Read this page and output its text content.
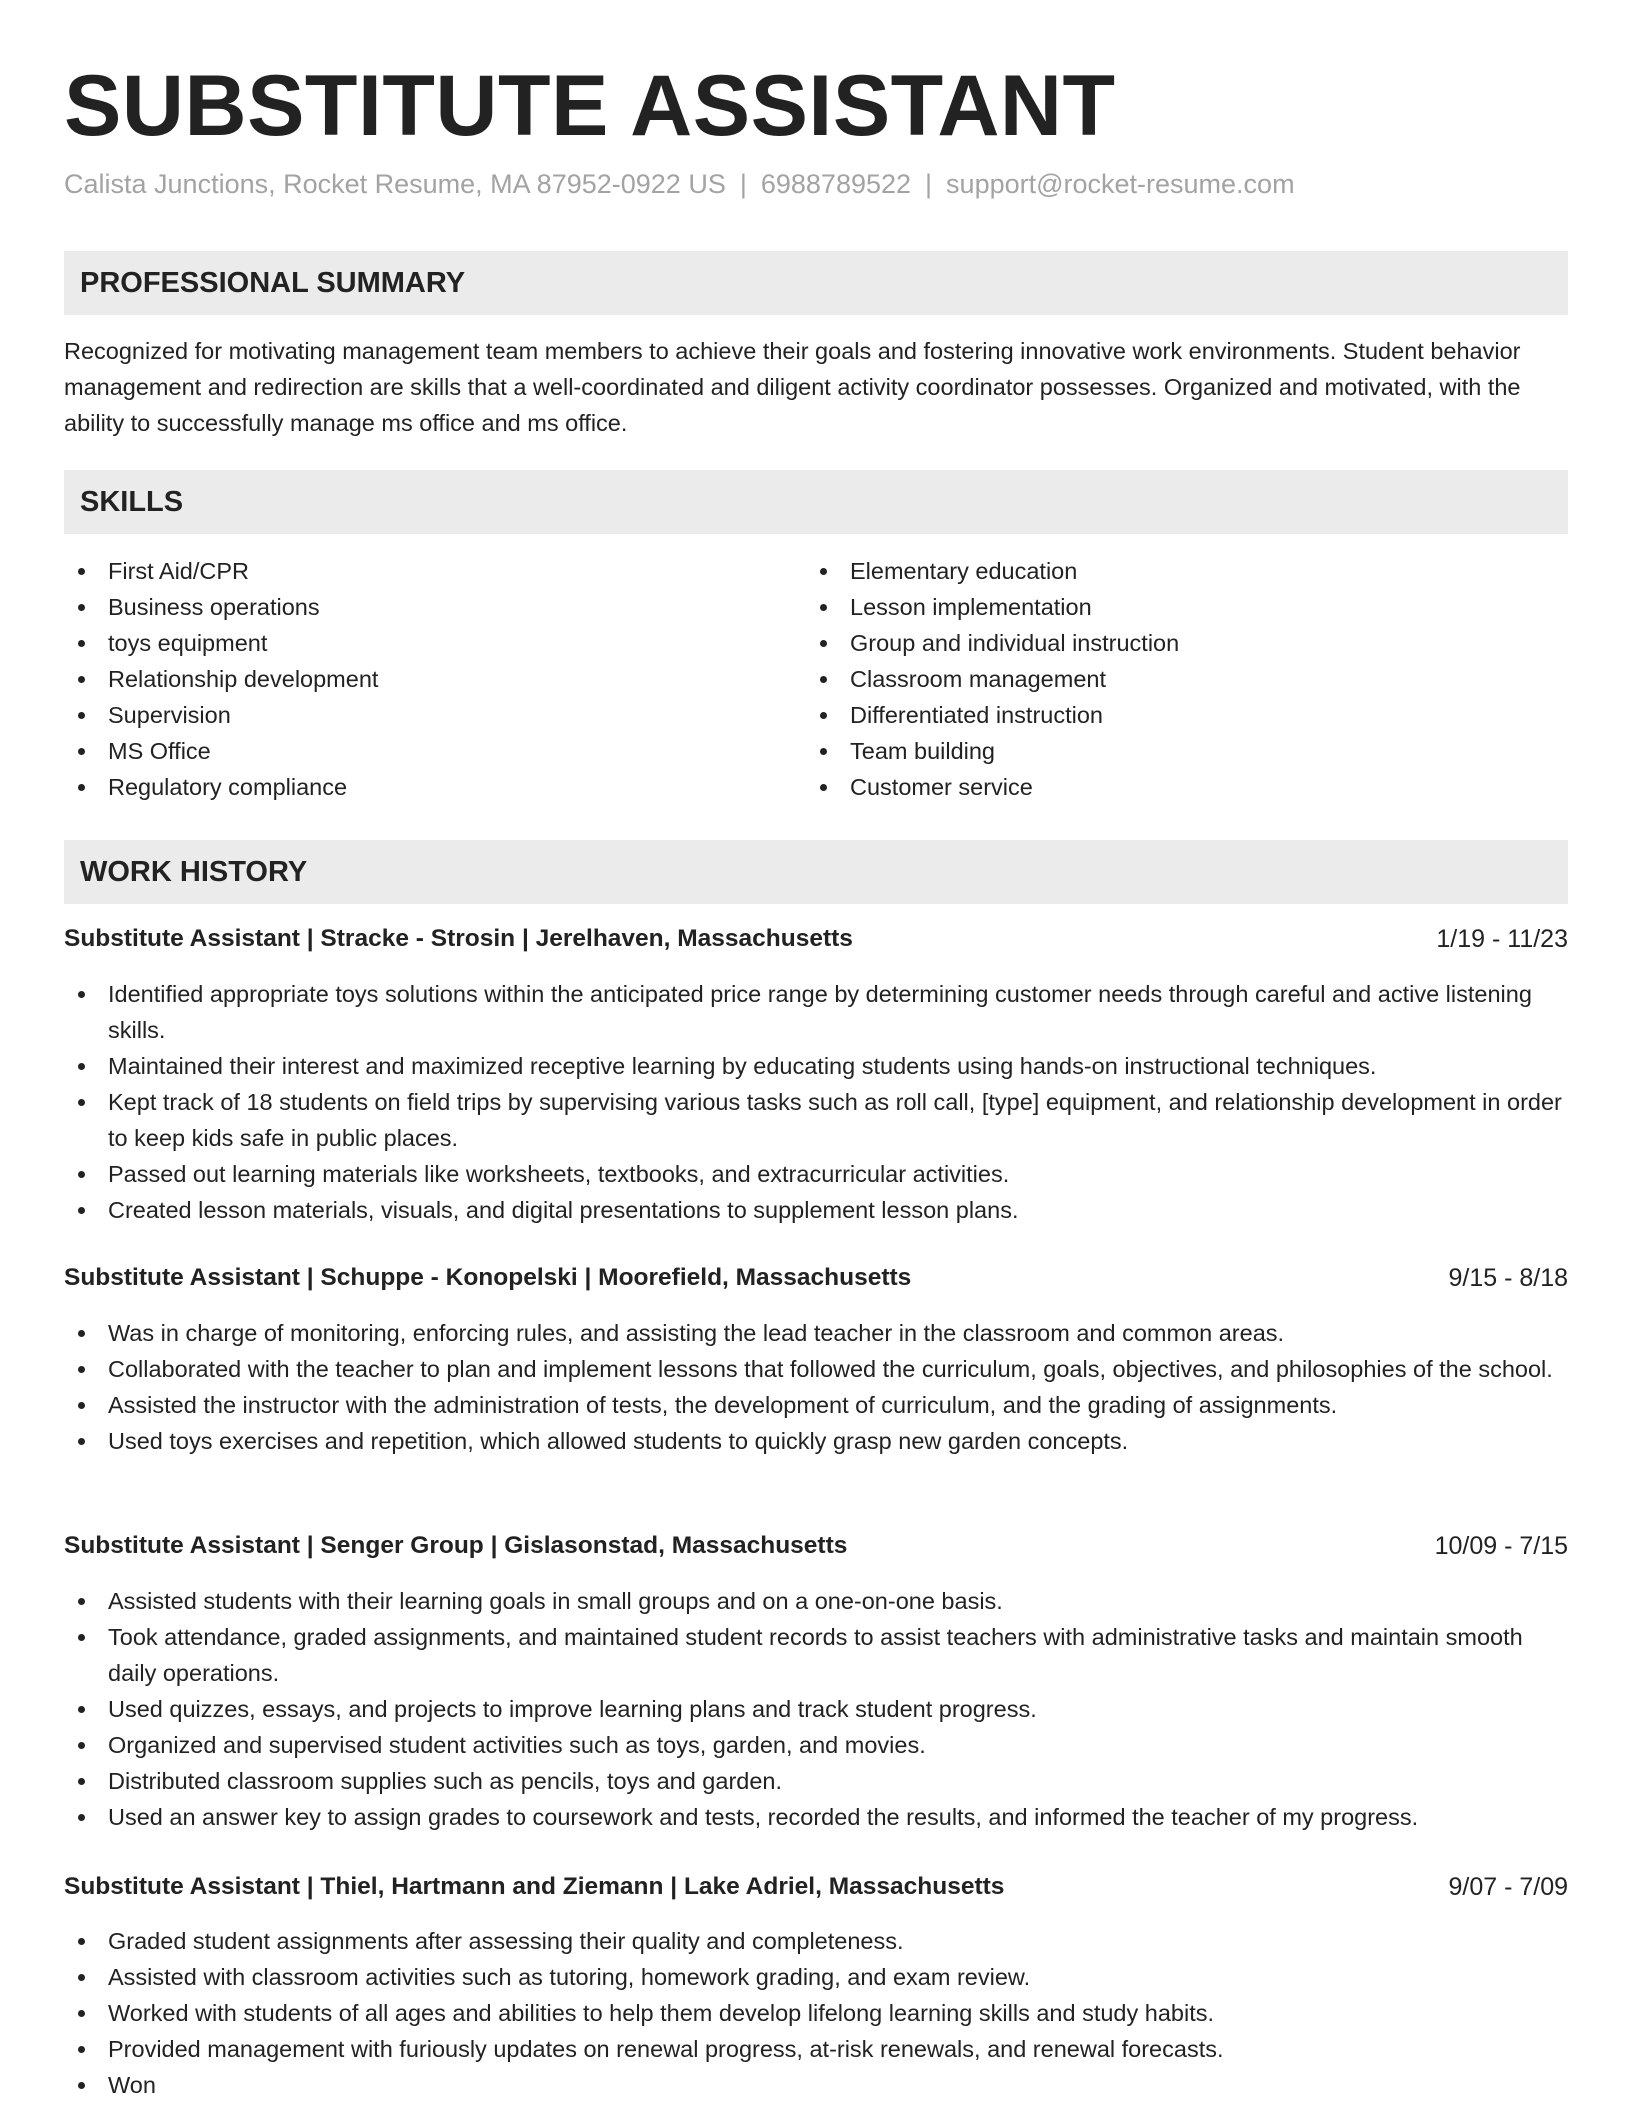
SUBSTITUTE ASSISTANT
Calista Junctions, Rocket Resume, MA 87952-0922 US | 6988789522 | support@rocket-resume.com
PROFESSIONAL SUMMARY

Recognized for motivating management team members to achieve their goals and fostering innovative work environments. Student behavior management and redirection are skills that a well-coordinated and diligent activity coordinator possesses. Organized and motivated, with the ability to successfully manage ms office and ms office.

SKILLS
First Aid/CPR
Business operations
toys equipment
Relationship development
Supervision
MS Office
Regulatory compliance
Elementary education
Lesson implementation
Group and individual instruction
Classroom management
Differentiated instruction
Team building
Customer service
WORK HISTORY
Substitute Assistant | Stracke - Strosin | Jerelhaven, Massachusetts	1/19 - 11/23
Identified appropriate toys solutions within the anticipated price range by determining customer needs through careful and active listening skills.
Maintained their interest and maximized receptive learning by educating students using hands-on instructional techniques.
Kept track of 18 students on field trips by supervising various tasks such as roll call, [type] equipment, and relationship development in order to keep kids safe in public places.
Passed out learning materials like worksheets, textbooks, and extracurricular activities.
Created lesson materials, visuals, and digital presentations to supplement lesson plans.
Substitute Assistant | Schuppe - Konopelski | Moorefield, Massachusetts	9/15 - 8/18
Was in charge of monitoring, enforcing rules, and assisting the lead teacher in the classroom and common areas.
Collaborated with the teacher to plan and implement lessons that followed the curriculum, goals, objectives, and philosophies of the school.
Assisted the instructor with the administration of tests, the development of curriculum, and the grading of assignments.
Used toys exercises and repetition, which allowed students to quickly grasp new garden concepts.
Substitute Assistant | Senger Group | Gislasonstad, Massachusetts	10/09 - 7/15
Assisted students with their learning goals in small groups and on a one-on-one basis.
Took attendance, graded assignments, and maintained student records to assist teachers with administrative tasks and maintain smooth daily operations.
Used quizzes, essays, and projects to improve learning plans and track student progress.
Organized and supervised student activities such as toys, garden, and movies.
Distributed classroom supplies such as pencils, toys and garden.
Used an answer key to assign grades to coursework and tests, recorded the results, and informed the teacher of my progress.
Substitute Assistant | Thiel, Hartmann and Ziemann | Lake Adriel, Massachusetts	9/07 - 7/09
Graded student assignments after assessing their quality and completeness.
Assisted with classroom activities such as tutoring, homework grading, and exam review.
Worked with students of all ages and abilities to help them develop lifelong learning skills and study habits.
Provided management with furiously updates on renewal progress, at-risk renewals, and renewal forecasts.
Won
